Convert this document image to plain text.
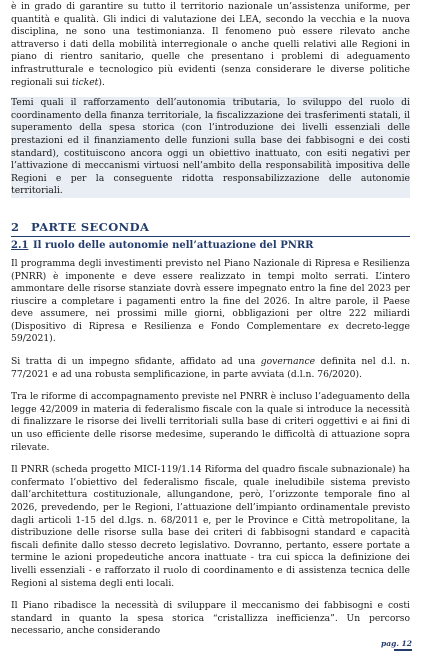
è in grado di garantire su tutto il territorio nazionale un’assistenza uniforme, per quantità e qualità. Gli indici di valutazione dei LEA, secondo la vecchia e la nuova disciplina, ne sono una testimonianza. Il fenomeno può essere rilevato anche attraverso i dati della mobilità interregionale o anche quelli relativi alle Regioni in piano di rientro sanitario, quelle che presentano i problemi di adeguamento infrastrutturale e tecnologico più evidenti (senza considerare le diverse politiche regionali sui ticket).

Temi quali il rafforzamento dell’autonomia tributaria, lo sviluppo del ruolo di coordinamento della finanza territoriale, la fiscalizzazione dei trasferimenti statali, il superamento della spesa storica (con l’introduzione dei livelli essenziali delle prestazioni ed il finanziamento delle funzioni sulla base dei fabbisogni e dei costi standard), costituiscono ancora oggi un obiettivo inattuato, con esiti negativi per l’attivazione di meccanismi virtuosi nell’ambito della responsabilità impositiva delle Regioni e per la conseguente ridotta responsabilizzazione delle autonomie territoriali.

2	PARTE SECONDA
2.1 Il ruolo delle autonomie nell’attuazione del PNRR

Il programma degli investimenti previsto nel Piano Nazionale di Ripresa e Resilienza (PNRR) è imponente e deve essere realizzato in tempi molto serrati. L’intero ammontare delle risorse stanziate dovrà essere impegnato entro la fine del 2023 per riuscire a completare i pagamenti entro la fine del 2026. In altre parole, il Paese deve assumere, nei prossimi mille giorni, obbligazioni per oltre 222 miliardi (Dispositivo di Ripresa e Resilienza e Fondo Complementare ex decreto-legge 59/2021).

Si tratta di un impegno sfidante, affidato ad una governance definita nel d.l. n. 77/2021 e ad una robusta semplificazione, in parte avviata (d.l.n. 76/2020).

Tra le riforme di accompagnamento previste nel PNRR è incluso l’adeguamento della legge 42/2009 in materia di federalismo fiscale con la quale si introduce la necessità di finalizzare le risorse dei livelli territoriali sulla base di criteri oggettivi e ai fini di un uso efficiente delle risorse medesime, superando le difficoltà di attuazione sopra rilevate.

Il PNRR (scheda progetto MICI-119/1.14 Riforma del quadro fiscale subnazionale) ha confermato l’obiettivo del federalismo fiscale, quale ineludibile sistema previsto dall’architettura costituzionale, allungandone, però, l’orizzonte temporale fino al 2026, prevedendo, per le Regioni, l’attuazione dell’impianto ordinamentale previsto dagli articoli 1-15 del d.lgs. n. 68/2011 e, per le Province e Città metropolitane, la distribuzione delle risorse sulla base dei criteri di fabbisogni standard e capacità fiscali definite dallo stesso decreto legislativo. Dovranno, pertanto, essere portate a termine le azioni propedeutiche ancora inattuate - tra cui spicca la definizione dei livelli essenziali - e rafforzato il ruolo di coordinamento e di assistenza tecnica delle Regioni al sistema degli enti locali.

Il Piano ribadisce la necessità di sviluppare il meccanismo dei fabbisogni e costi standard in quanto la spesa storica “cristallizza inefficienza”. Un percorso necessario, anche considerando

pag. 12
